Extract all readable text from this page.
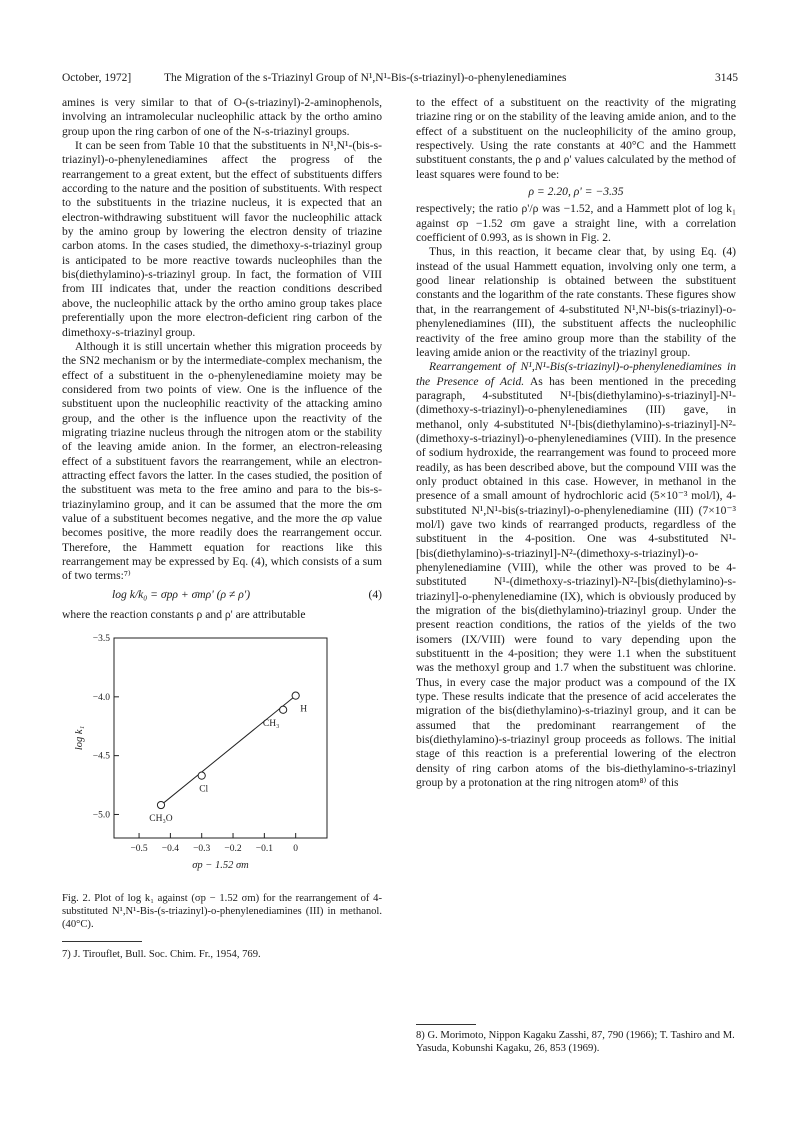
October, 1972]	The Migration of the s-Triazinyl Group of N¹,N¹-Bis-(s-triazinyl)-o-phenylenediamines	3145

amines is very similar to that of O-(s-triazinyl)-2-aminophenols, involving an intramolecular nucleophilic attack by the ortho amino group upon the ring carbon of one of the N-s-triazinyl groups.

It can be seen from Table 10 that the substituents in N¹,N¹-(bis-s-triazinyl)-o-phenylenediamines affect the progress of the rearrangement to a great extent, but the effect of substituents differs according to the nature and the position of substituents. With respect to the substituents in the triazine nucleus, it is expected that an electron-withdrawing substituent will favor the nucleophilic attack by the amino group by lowering the electron density of triazine carbon atoms. In the cases studied, the dimethoxy-s-triazinyl group is anticipated to be more reactive towards nucleophiles than the bis(diethylamino)-s-triazinyl group. In fact, the formation of VIII from III indicates that, under the reaction conditions described above, the nucleophilic attack by the ortho amino group takes place preferentially upon the more electron-deficient ring carbon of the dimethoxy-s-triazinyl group.

Although it is still uncertain whether this migration proceeds by the SN2 mechanism or by the intermediate-complex mechanism, the effect of a substituent in the o-phenylenediamine moiety may be considered from two points of view. One is the influence of the substituent upon the nucleophilic reactivity of the attacking amino group, and the other is the influence upon the reactivity of the migrating triazine nucleus through the nitrogen atom or the stability of the leaving amide anion. In the former, an electron-releasing effect of a substituent favors the rearrangement, while an electron-attracting effect favors the latter. In the cases studied, the position of the substituent was meta to the free amino and para to the bis-s-triazinylamino group, and it can be assumed that the more the σm value of a substituent becomes negative, and the more the σp value becomes positive, the more readily does the rearrangement occur. Therefore, the Hammett equation for reactions like this rearrangement may be expressed by Eq. (4), which consists of a sum of two terms:⁷⁾

log k/k₀ = σpρ + σmρ' (ρ ≠ ρ')	(4)

where the reaction constants ρ and ρ' are attributable

−0.5 −0.4 −0.3 −0.2 −0.1 0
−3.5
−4.0
−4.5
−5.0
σp − 1.52 σm
log k₁
CH₃O
Cl
CH₃
H
Fig. 2. Plot of log k₁ against (σp − 1.52 σm) for the rearrangement of 4-substituted N¹,N¹-Bis-(s-triazinyl)-o-phenylenediamines (III) in methanol. (40°C).
7) J. Tirouflet, Bull. Soc. Chim. Fr., 1954, 769.

to the effect of a substituent on the reactivity of the migrating triazine ring or on the stability of the leaving amide anion, and to the effect of a substituent on the nucleophilicity of the amino group, respectively. Using the rate constants at 40°C and the Hammett substituent constants, the ρ and ρ' values calculated by the method of least squares were found to be:

ρ = 2.20, ρ' = −3.35

respectively; the ratio ρ'/ρ was −1.52, and a Hammett plot of log k₁ against σp −1.52 σm gave a straight line, with a correlation coefficient of 0.993, as is shown in Fig. 2.

Thus, in this reaction, it became clear that, by using Eq. (4) instead of the usual Hammett equation, involving only one term, a good linear relationship is obtained between the substituent constants and the logarithm of the rate constants. These figures show that, in the rearrangement of 4-substituted N¹,N¹-bis(s-triazinyl)-o-phenylenediamines (III), the substituent affects the nucleophilic reactivity of the free amino group more than the stability of the leaving amide anion or the reactivity of the triazinyl group.

Rearrangement of N¹,N¹-Bis(s-triazinyl)-o-phenylenediamines in the Presence of Acid. As has been mentioned in the preceding paragraph, 4-substituted N¹-[bis(diethylamino)-s-triazinyl]-N¹-(dimethoxy-s-triazinyl)-o-phenylenediamines (III) gave, in methanol, only 4-substituted N¹-[bis(diethylamino)-s-triazinyl]-N²-(dimethoxy-s-triazinyl)-o-phenylenediamines (VIII). In the presence of sodium hydroxide, the rearrangement was found to proceed more readily, as has been described above, but the compound VIII was the only product obtained in this case. However, in methanol in the presence of a small amount of hydrochloric acid (5×10⁻³ mol/l), 4-substituted N¹,N¹-bis(s-triazinyl)-o-phenylenediamine (III) (7×10⁻³ mol/l) gave two kinds of rearranged products, regardless of the substituent in the 4-position. One was 4-substituted N¹-[bis(diethylamino)-s-triazinyl]-N²-(dimethoxy-s-triazinyl)-o-phenylenediamine (VIII), while the other was proved to be 4-substituted N¹-(dimethoxy-s-triazinyl)-N²-[bis(diethylamino)-s-triazinyl]-o-phenylenediamine (IX), which is obviously produced by the migration of the bis(diethylamino)-triazinyl group. Under the present reaction conditions, the ratios of the yields of the two isomers (IX/VIII) were found to vary depending upon the substituentt in the 4-position; they were 1.1 when the substituent was the methoxyl group and 1.7 when the substituent was chlorine. Thus, in every case the major product was a compound of the IX type. These results indicate that the presence of acid accelerates the migration of the bis(diethylamino)-s-triazinyl group, and it can be assumed that the predominant rearrangement of the bis(diethylamino)-s-triazinyl group proceeds as follows. The initial stage of this reaction is a preferential lowering of the electron density of ring carbon atoms of the bis-diethylamino-s-triazinyl group by a protonation at the ring nitrogen atom⁸⁾ of this

8) G. Morimoto, Nippon Kagaku Zasshi, 87, 790 (1966); T. Tashiro and M. Yasuda, Kobunshi Kagaku, 26, 853 (1969).
